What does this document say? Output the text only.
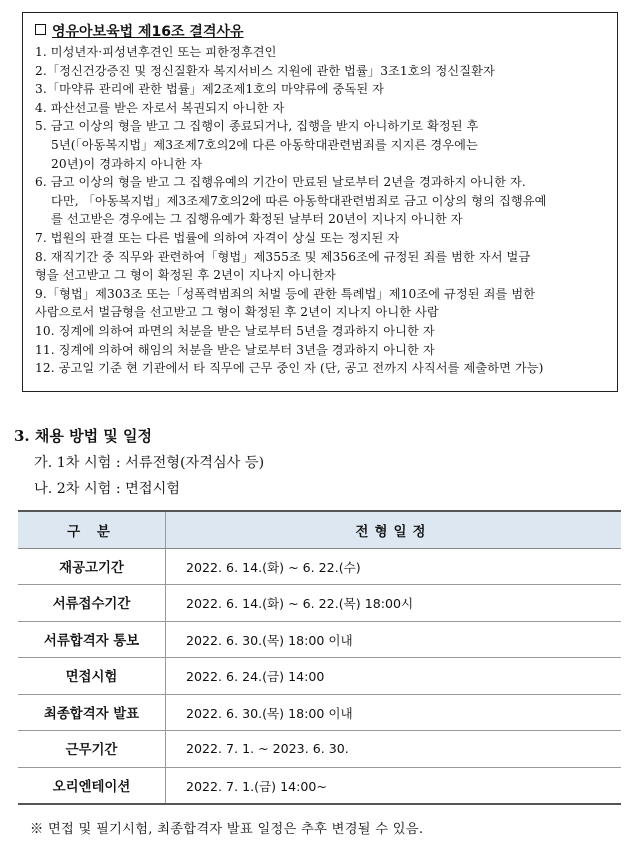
영유아보육법 제16조 결격사유
1. 미성년자·피성년후견인 또는 피한정후견인
2.「정신건강증진 및 정신질환자 복지서비스 지원에 관한 법률」3조1호의 정신질환자
3.「마약류 관리에 관한 법률」제2조제1호의 마약류에 중독된 자
4. 파산선고를 받은 자로서 복권되지 아니한 자
5. 금고 이상의 형을 받고 그 집행이 종료되거나, 집행을 받지 아니하기로 확정된 후
5년(「아동복지법」제3조제7호의2에 다른 아동학대관련범죄를 지지른 경우에는
20년)이 경과하지 아니한 자
6. 금고 이상의 형을 받고 그 집행유예의 기간이 만료된 날로부터 2년을 경과하지 아니한 자.
다만, 「아동복지법」제3조제7호의2에 따른 아동학대관련범죄로 금고 이상의 형의 집행유예
를 선고받은 경우에는 그 집행유예가 확정된 날부터 20년이 지나지 아니한 자
7. 법원의 판결 또는 다른 법률에 의하여 자격이 상실 또는 정지된 자
8. 재직기간 중 직무와 관련하여「형법」제355조 및 제356조에 규정된 죄를 범한 자서 벌금
형을 선고받고 그 형이 확정된 후 2년이 지나지 아니한자
9.「형법」제303조 또는「성폭력범죄의 처벌 등에 관한 특례법」제10조에 규정된 죄를 범한
사람으로서 벌금형을 선고받고 그 형이 확정된 후 2년이 지나지 아니한 사람
10. 징계에 의하여 파면의 처분을 받은 날로부터 5년을 경과하지 아니한 자
11. 징계에 의하여 해임의 처분을 받은 날로부터 3년을 경과하지 아니한 자
12. 공고일 기준 현 기관에서 타 직무에 근무 중인 자 (단, 공고 전까지 사직서를 제출하면 가능)
3. 채용 방법 및 일정
가. 1차 시험 : 서류전형(자격심사 등)
나. 2차 시험 : 면접시험
구 분	전형일정
재공고기간	2022. 6. 14.(화) ~ 6. 22.(수)
서류접수기간	2022. 6. 14.(화) ~ 6. 22.(목) 18:00시
서류합격자 통보	2022. 6. 30.(목) 18:00 이내
면접시험	2022. 6. 24.(금) 14:00
최종합격자 발표	2022. 6. 30.(목) 18:00 이내
근무기간	2022. 7. 1. ~ 2023. 6. 30.
오리엔테이션	2022. 7. 1.(금) 14:00~
※ 면접 및 필기시험, 최종합격자 발표 일정은 추후 변경될 수 있음.
